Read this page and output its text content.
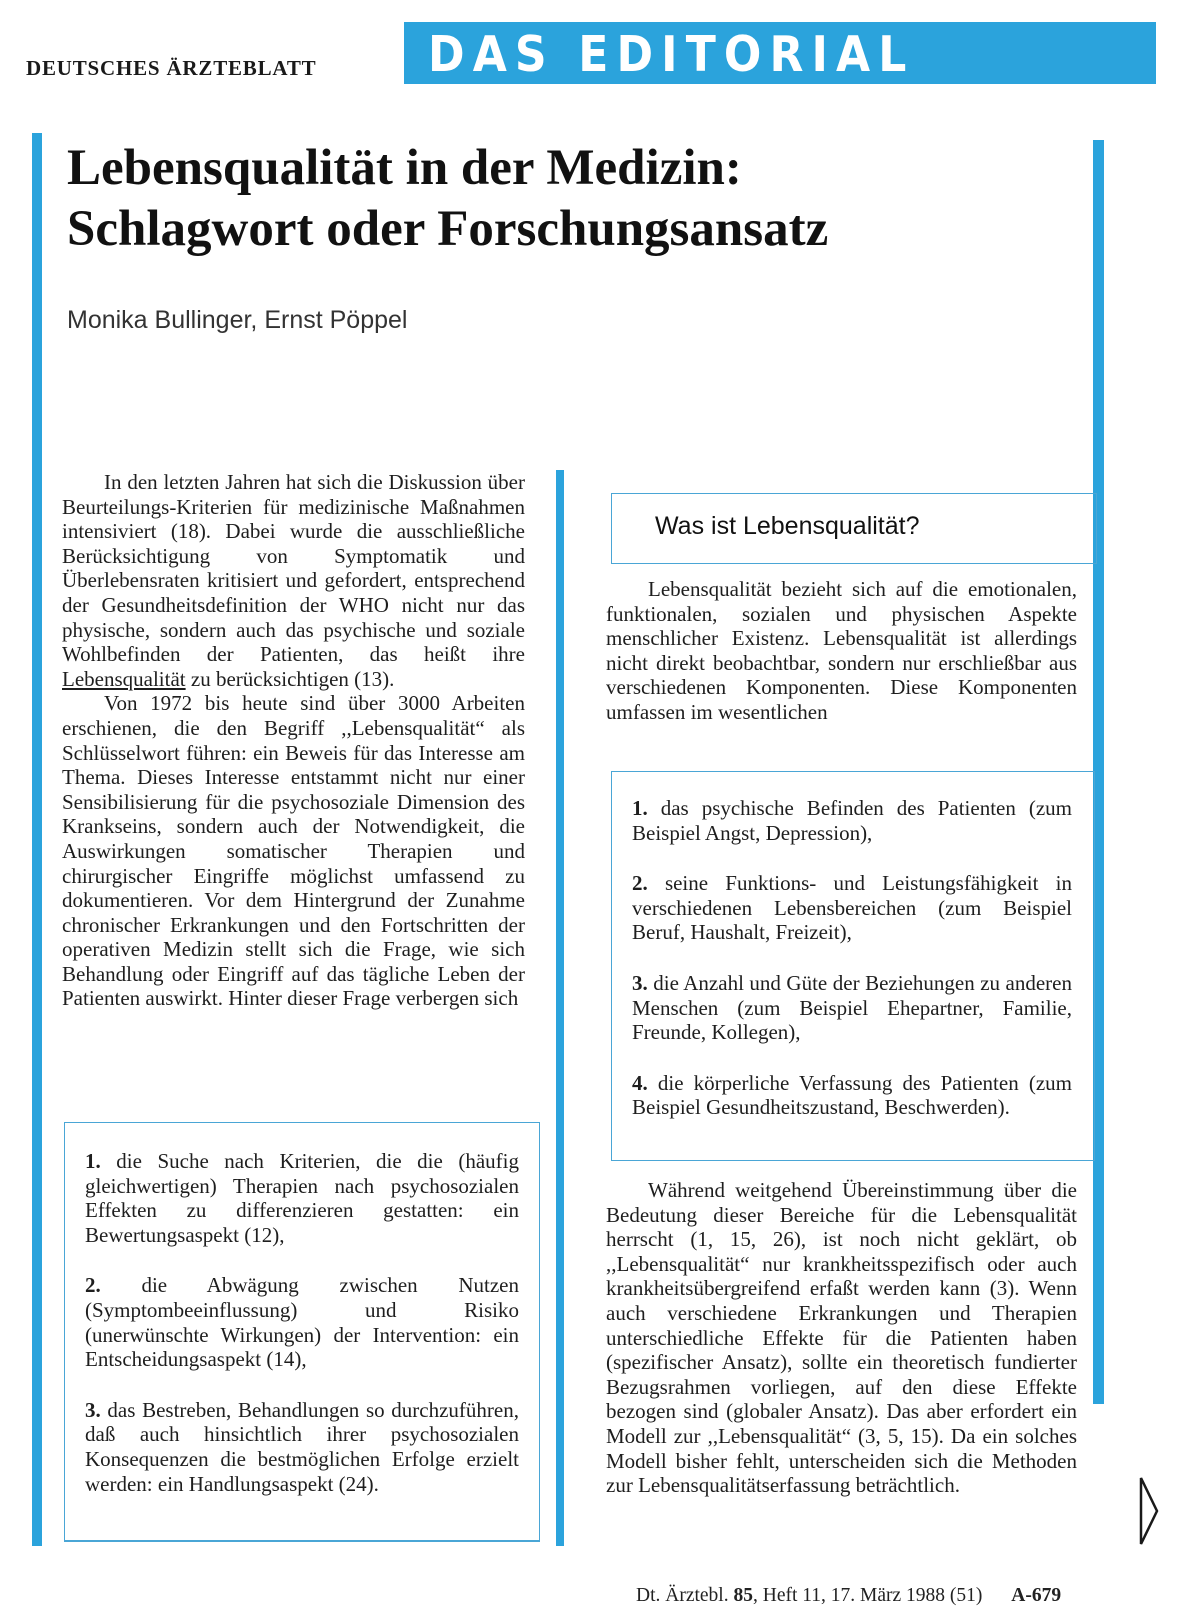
DEUTSCHES ÄRZTEBLATT DAS EDITORIAL
Lebensqualität in der Medizin:
Schlagwort oder Forschungsansatz
Monika Bullinger, Ernst Pöppel

In den letzten Jahren hat sich die Diskussion über Beurteilungs-Kriterien für medizinische Maßnahmen intensiviert (18). Dabei wurde die ausschließliche Berücksichtigung von Symptomatik und Überlebensraten kritisiert und gefordert, entsprechend der Gesundheitsdefinition der WHO nicht nur das physische, sondern auch das psychische und soziale Wohlbefinden der Patienten, das heißt ihre Lebensqualität zu berücksichtigen (13).

Von 1972 bis heute sind über 3000 Arbeiten erschienen, die den Begriff ,,Lebensqualität“ als Schlüsselwort führen: ein Beweis für das Interesse am Thema. Dieses Interesse entstammt nicht nur einer Sensibilisierung für die psychosoziale Dimension des Krankseins, sondern auch der Notwendigkeit, die Auswirkungen somatischer Therapien und chirurgischer Eingriffe möglichst umfassend zu dokumentieren. Vor dem Hintergrund der Zunahme chronischer Erkrankungen und den Fortschritten der operativen Medizin stellt sich die Frage, wie sich Behandlung oder Eingriff auf das tägliche Leben der Patienten auswirkt. Hinter dieser Frage verbergen sich

1. die Suche nach Kriterien, die die (häufig gleichwertigen) Therapien nach psychosozialen Effekten zu differenzieren gestatten: ein Bewertungsaspekt (12),

2. die Abwägung zwischen Nutzen (Symptombeeinflussung) und Risiko (unerwünschte Wirkungen) der Intervention: ein Entscheidungsaspekt (14),

3. das Bestreben, Behandlungen so durchzuführen, daß auch hinsichtlich ihrer psychosozialen Konsequenzen die bestmöglichen Erfolge erzielt werden: ein Handlungsaspekt (24).

Was ist Lebensqualität?

Lebensqualität bezieht sich auf die emotionalen, funktionalen, sozialen und physischen Aspekte menschlicher Existenz. Lebensqualität ist allerdings nicht direkt beobachtbar, sondern nur erschließbar aus verschiedenen Komponenten. Diese Komponenten umfassen im wesentlichen

1. das psychische Befinden des Patienten (zum Beispiel Angst, Depression),

2. seine Funktions- und Leistungsfähigkeit in verschiedenen Lebensbereichen (zum Beispiel Beruf, Haushalt, Freizeit),

3. die Anzahl und Güte der Beziehungen zu anderen Menschen (zum Beispiel Ehepartner, Familie, Freunde, Kollegen),

4. die körperliche Verfassung des Patienten (zum Beispiel Gesundheitszustand, Beschwerden).

Während weitgehend Übereinstimmung über die Bedeutung dieser Bereiche für die Lebensqualität herrscht (1, 15, 26), ist noch nicht geklärt, ob ,,Lebensqualität“ nur krankheitsspezifisch oder auch krankheitsübergreifend erfaßt werden kann (3). Wenn auch verschiedene Erkrankungen und Therapien unterschiedliche Effekte für die Patienten haben (spezifischer Ansatz), sollte ein theoretisch fundierter Bezugsrahmen vorliegen, auf den diese Effekte bezogen sind (globaler Ansatz). Das aber erfordert ein Modell zur ,,Lebensqualität“ (3, 5, 15). Da ein solches Modell bisher fehlt, unterscheiden sich die Methoden zur Lebensqualitätserfassung beträchtlich.

Dt. Ärztebl. 85, Heft 11, 17. März 1988 (51) A-679
